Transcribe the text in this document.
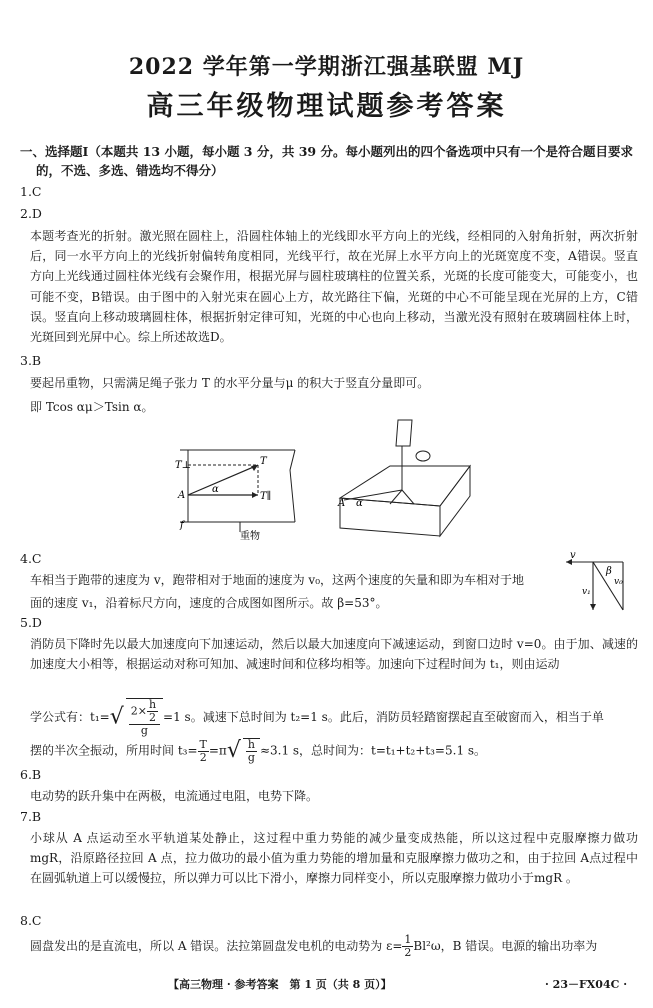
2022 学年第一学期浙江强基联盟 MJ
高三年级物理试题参考答案
一、选择题Ⅰ（本题共 13 小题，每小题 3 分，共 39 分。每小题列出的四个备选项中只有一个是符合题目要求
的，不选、多选、错选均不得分）
1.C
2.D
本题考查光的折射。激光照在圆柱上，沿圆柱体轴上的光线即水平方向上的光线，经相同的入射角折射，两次折射后，同一水平方向上的光线折射偏转角度相同，光线平行，故在光屏上水平方向上的光斑宽度不变，A错误。竖直方向上光线通过圆柱体光线有会聚作用，根据光屏与圆柱玻璃柱的位置关系，光斑的长度可能变大，可能变小，也可能不变，B错误。由于图中的入射光束在圆心上方，故光路往下偏，光斑的中心不可能呈现在光屏的上方，C错误。竖直向上移动玻璃圆柱体，根据折射定律可知，光斑的中心也向上移动，当激光没有照射在玻璃圆柱体上时，光斑回到光屏中心。综上所述故选D。
3.B
要起吊重物，只需满足绳子张力 T 的水平分量与μ 的积大于竖直分量即可。
即 Tcos αμ＞Tsin α。
T⊥	T
A
α
T∥
f
重物
A α
4.C
车相当于跑带的速度为 v，跑带相对于地面的速度为 v₀，这两个速度的矢量和即为车相对于地
面的速度 v₁，沿着标尺方向，速度的合成图如图所示。故 β=53°。
v
β
v₀
v₁
5.D
消防员下降时先以最大加速度向下加速运动，然后以最大加速度向下减速运动，到窗口边时 v=0。由于加、减速的加速度大小相等，根据运动对称可知加、减速时间和位移均相等。加速向下过程时间为 t₁，则由运动
学公式有：$t_1=√ \frac{2\times \frac{h}{2}}{g} =1$ s。减速下总时间为 t₂=1 s。此后，消防员轻踏窗摆起直至破窗而入，相当于单
摆的半次全振动，所用时间 $t_3= \frac{T}{2} =\pi√ \frac{h}{g} \approx 3.1$ s，总时间为：t=t₁+t₂+t₃=5.1 s。
6.B
电动势的跃升集中在两极，电流通过电阻，电势下降。
7.B
小球从 A 点运动至水平轨道某处静止，这过程中重力势能的减少量变成热能，所以这过程中克服摩擦力做功 mgR，沿原路径拉回 A 点，拉力做功的最小值为重力势能的增加量和克服摩擦力做功之和，由于拉回 A点过程中在圆弧轨道上可以缓慢拉，所以弹力可以比下滑小，摩擦力同样变小，所以克服摩擦力做功小于mgR 。
8.C
圆盘发出的是直流电，所以 A 错误。法拉第圆盘发电机的电动势为 $\varepsilon= \frac{1}{2} Bl^2\omega$，B 错误。电源的输出功率为
【高三物理 · 参考答案　第 1 页（共 8 页）】	· 23－FX04C ·
